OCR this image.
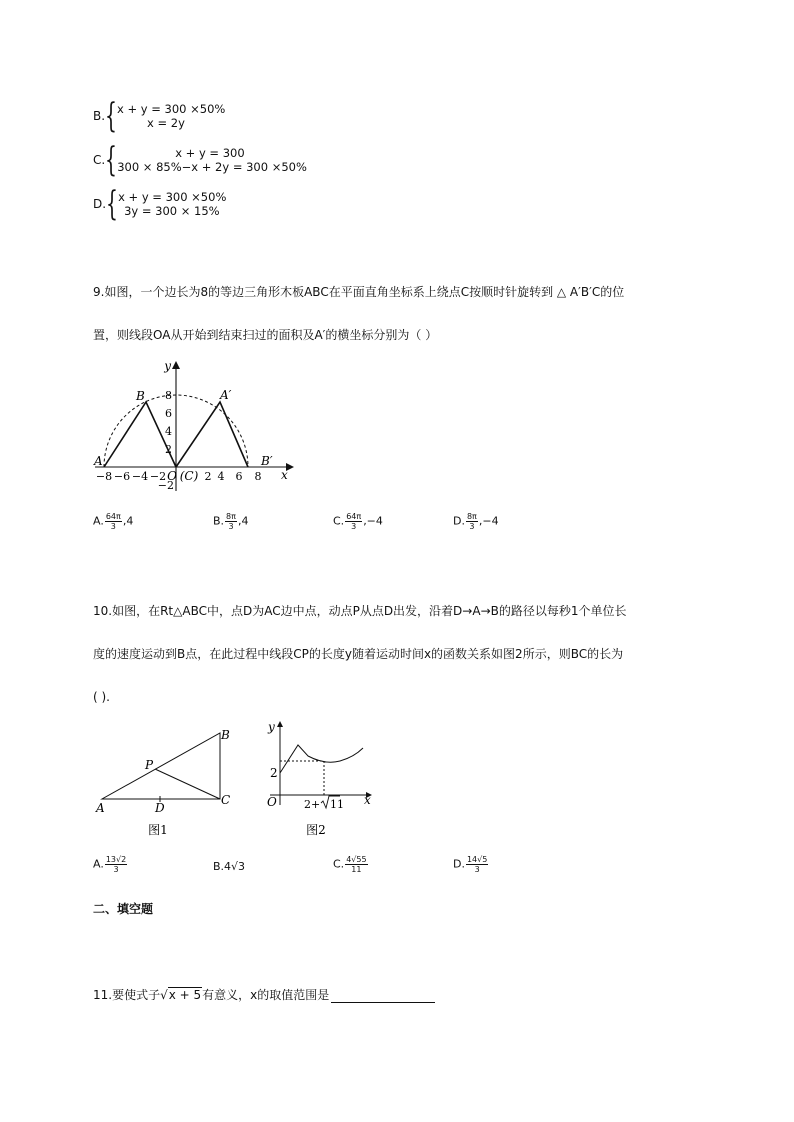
B. { x + y = 300 ×50%
x = 2y
C. {	x + y = 300
300 × 85%−x + 2y = 300 ×50%
D. { x + y = 300 ×50%
3y = 300 × 15%
9.如图，一个边长为8的等边三角形木板ABC在平面直角坐标系上绕点C按顺时针旋转到 △ A′B′C的位
置，则线段OA从开始到结束扫过的面积及A′的横坐标分别为（ ）
y
x
8
6
4
2
−2
−8 −6 −4 −2 O (C) 2 4 6 8
A
B	A′
B′
A. $\frac{64\pi}{3} ,4$	B. $\frac{8\pi}{3} ,4$	C. $\frac{64\pi}{3} ,-4$	D. $\frac{8\pi}{3} ,-4$
10.如图，在Rt△ABC中，点D为AC边中点，动点P从点D出发，沿着D→A→B的路径以每秒1个单位长
度的速度运动到B点，在此过程中线段CP的长度y随着运动时间x的函数关系如图2所示，则BC的长为
( ).
A
B
C
D
P
图1
y
x
O
2
2+ 11
图2
A. $\frac{13√2}{3}$	B.4√3	C. $\frac{4√55}{11}$	D. $\frac{14√5}{3}$
二、填空题
11.要使式子√x + 5有意义，x的取值范围是
